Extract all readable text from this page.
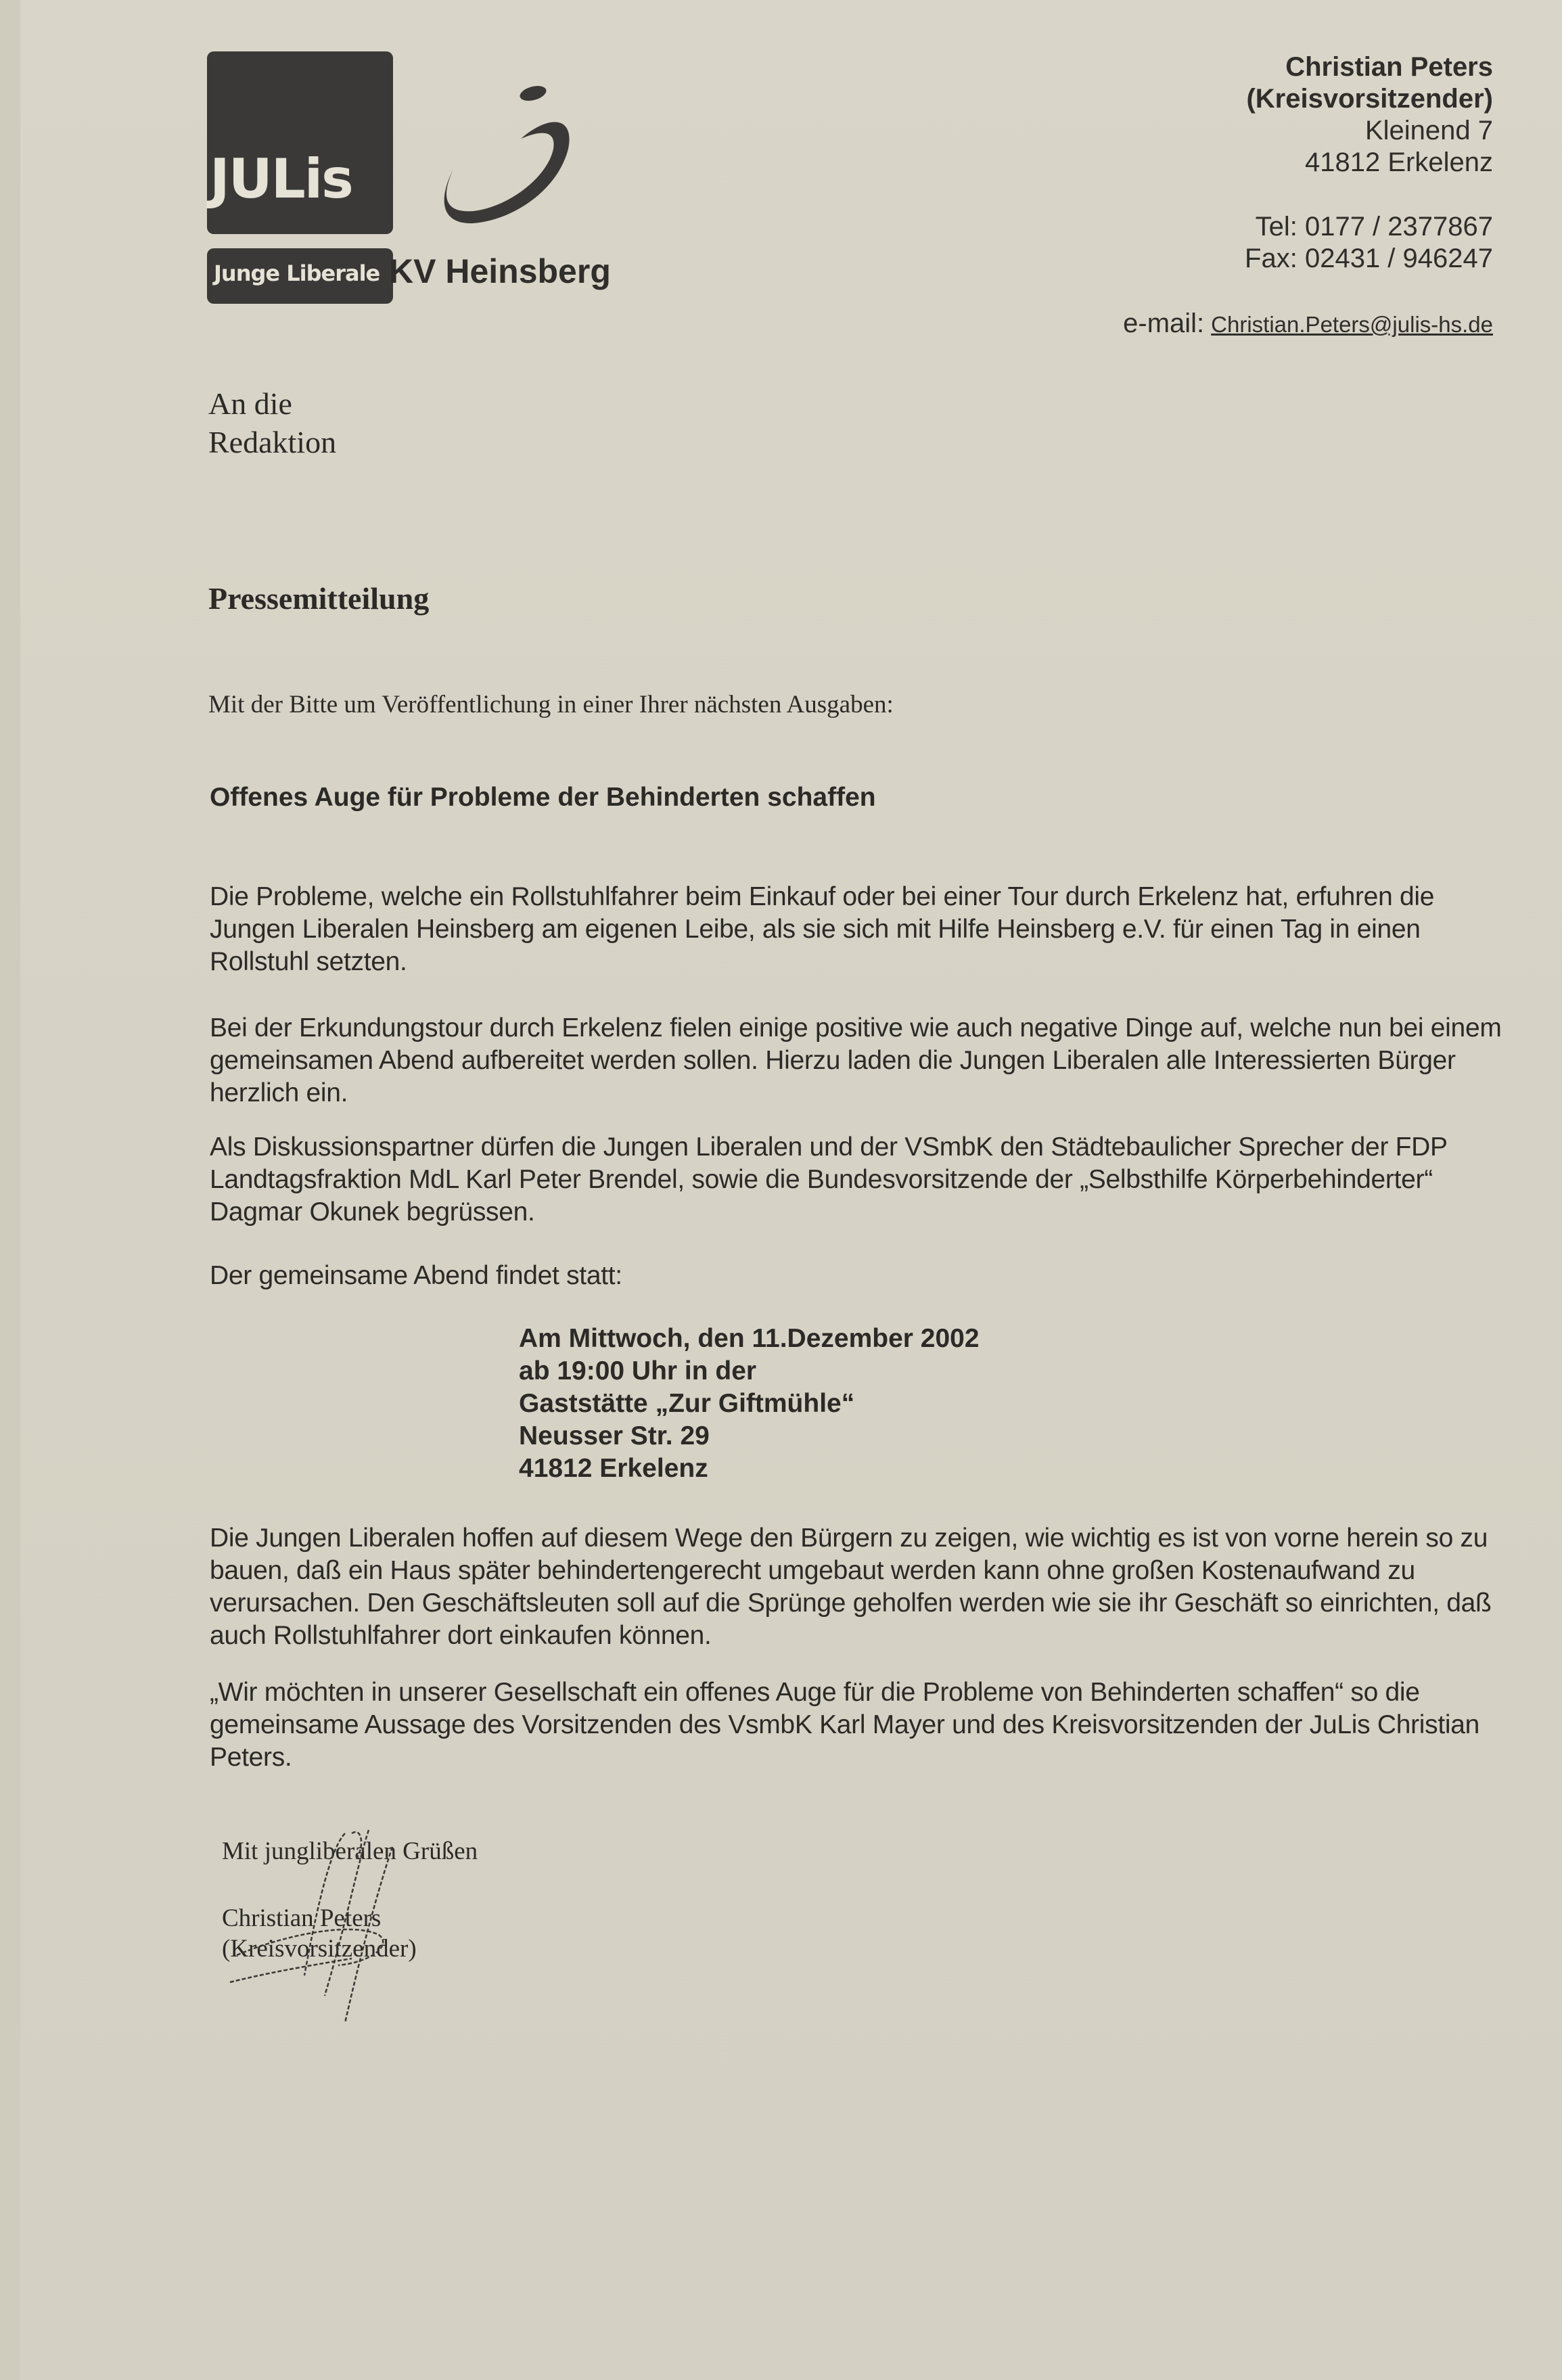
JULis
Junge Liberale KV Heinsberg
Christian Peters
(Kreisvorsitzender)
Kleinend 7
41812 Erkelenz
Tel: 0177 / 2377867
Fax: 02431 / 946247
e-mail: Christian.Peters@julis-hs.de
An die
Redaktion
Pressemitteilung
Mit der Bitte um Veröffentlichung in einer Ihrer nächsten Ausgaben:
Offenes Auge für Probleme der Behinderten schaffen
Die Probleme, welche ein Rollstuhlfahrer beim Einkauf oder bei einer Tour durch Erkelenz hat, erfuhren die Jungen Liberalen Heinsberg am eigenen Leibe, als sie sich mit Hilfe Heinsberg e.V. für einen Tag in einen Rollstuhl setzten.
Bei der Erkundungstour durch Erkelenz fielen einige positive wie auch negative Dinge auf, welche nun bei einem gemeinsamen Abend aufbereitet werden sollen. Hierzu laden die Jungen Liberalen alle Interessierten Bürger herzlich ein.
Als Diskussionspartner dürfen die Jungen Liberalen und der VSmbK den Städtebaulicher Sprecher der FDP Landtagsfraktion MdL Karl Peter Brendel, sowie die Bundesvorsitzende der „Selbsthilfe Körperbehinderter“ Dagmar Okunek begrüssen.
Der gemeinsame Abend findet statt:
Am Mittwoch, den 11.Dezember 2002
ab 19:00 Uhr in der
Gaststätte „Zur Giftmühle“
Neusser Str. 29
41812 Erkelenz
Die Jungen Liberalen hoffen auf diesem Wege den Bürgern zu zeigen, wie wichtig es ist von vorne herein so zu bauen, daß ein Haus später behindertengerecht umgebaut werden kann ohne großen Kostenaufwand zu verursachen. Den Geschäftsleuten soll auf die Sprünge geholfen werden wie sie ihr Geschäft so einrichten, daß auch Rollstuhlfahrer dort einkaufen können.
„Wir möchten in unserer Gesellschaft ein offenes Auge für die Probleme von Behinderten schaffen“ so die gemeinsame Aussage des Vorsitzenden des VsmbK Karl Mayer und des Kreisvorsitzenden der JuLis Christian Peters.
Mit jungliberalen Grüßen
Christian Peters
(Kreisvorsitzender)
